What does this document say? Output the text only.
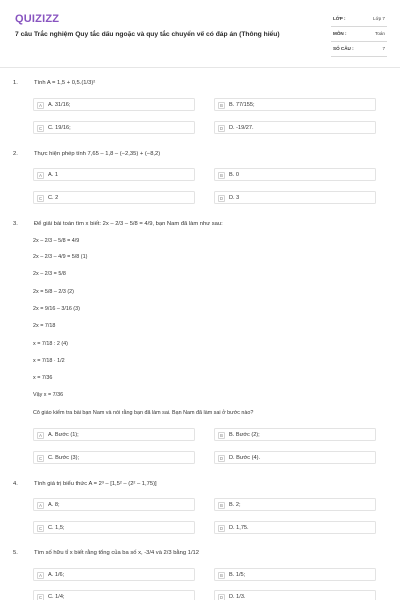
QUIZIZZ
7 câu Trắc nghiệm Quy tắc dấu ngoặc và quy tắc chuyển vế có đáp án (Thông hiểu)
LỚP :	Lớp 7
MÔN :	Toán
SỐ CÂU :	7
1.	Tính A = 1,5 + 0,5.(1/3)²
A	A. 31/16;	B	B. 77/155;
C	C. 19/16;	D	D. -19/27.
2.	Thực hiện phép tính 7,65 – 1,8 – (−2,35) + (−8,2)
A	A. 1	B	B. 0
C	C. 2	D	D. 3
3.	Để giải bài toán tìm x biết: 2x – 2/3 – 5/8 = 4/9, bạn Nam đã làm như sau:
2x – 2/3 – 5/8 = 4/9
2x – 2/3 – 4/9 = 5/8 (1)
2x – 2/3 = 5/8
2x = 5/8 – 2/3 (2)
2x = 9/16 – 3/16 (3)
2x = 7/18
x = 7/18 : 2 (4)
x = 7/18 · 1/2
x = 7/36
Vậy x = 7/36
Cô giáo kiểm tra bài bạn Nam và nói rằng bạn đã làm sai. Bạn Nam đã làm sai ở bước nào?
A	A. Bước (1);	B	B. Bước (2);
C	C. Bước (3);	D	D. Bước (4).
4.	Tính giá trị biểu thức A = 2³ – [1,5² – (2² – 1,75)]
A	A. 8;	B	B. 2;
C	C. 1,5;	D	D. 1,75.
5.	Tìm số hữu tỉ x biết rằng tổng của ba số x, -3/4 và 2/3 bằng 1/12
A	A. 1/6;	B	B. 1/5;
C	C. 1/4;	D	D. 1/3.
